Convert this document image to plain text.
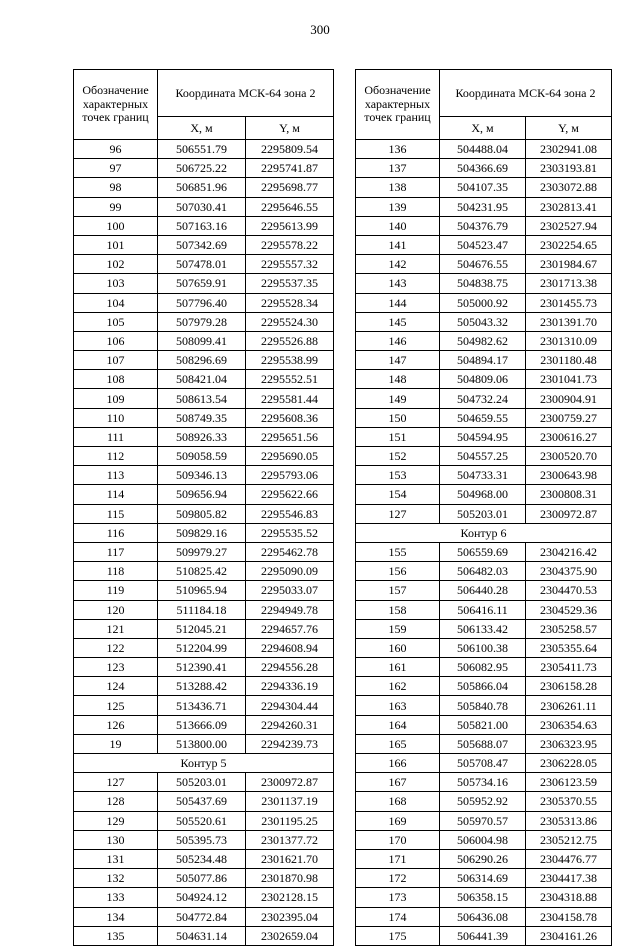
300
Обозначение характерных точек границ	Координата МСК-64 зона 2	
	X, м	Y, м
96	506551.79	2295809.54
97	506725.22	2295741.87
98	506851.96	2295698.77
99	507030.41	2295646.55
100	507163.16	2295613.99
101	507342.69	2295578.22
102	507478.01	2295557.32
103	507659.91	2295537.35
104	507796.40	2295528.34
105	507979.28	2295524.30
106	508099.41	2295526.88
107	508296.69	2295538.99
108	508421.04	2295552.51
109	508613.54	2295581.44
110	508749.35	2295608.36
111	508926.33	2295651.56
112	509058.59	2295690.05
113	509346.13	2295793.06
114	509656.94	2295622.66
115	509805.82	2295546.83
116	509829.16	2295535.52
117	509979.27	2295462.78
118	510825.42	2295090.09
119	510965.94	2295033.07
120	511184.18	2294949.78
121	512045.21	2294657.76
122	512204.99	2294608.94
123	512390.41	2294556.28
124	513288.42	2294336.19
125	513436.71	2294304.44
126	513666.09	2294260.31
19	513800.00	2294239.73
Контур 5		
127	505203.01	2300972.87
128	505437.69	2301137.19
129	505520.61	2301195.25
130	505395.73	2301377.72
131	505234.48	2301621.70
132	505077.86	2301870.98
133	504924.12	2302128.15
134	504772.84	2302395.04
135	504631.14	2302659.04
Обозначение характерных точек границ	Координата МСК-64 зона 2	
	X, м	Y, м
136	504488.04	2302941.08
137	504366.69	2303193.81
138	504107.35	2303072.88
139	504231.95	2302813.41
140	504376.79	2302527.94
141	504523.47	2302254.65
142	504676.55	2301984.67
143	504838.75	2301713.38
144	505000.92	2301455.73
145	505043.32	2301391.70
146	504982.62	2301310.09
147	504894.17	2301180.48
148	504809.06	2301041.73
149	504732.24	2300904.91
150	504659.55	2300759.27
151	504594.95	2300616.27
152	504557.25	2300520.70
153	504733.31	2300643.98
154	504968.00	2300808.31
127	505203.01	2300972.87
Контур 6		
155	506559.69	2304216.42
156	506482.03	2304375.90
157	506440.28	2304470.53
158	506416.11	2304529.36
159	506133.42	2305258.57
160	506100.38	2305355.64
161	506082.95	2305411.73
162	505866.04	2306158.28
163	505840.78	2306261.11
164	505821.00	2306354.63
165	505688.07	2306323.95
166	505708.47	2306228.05
167	505734.16	2306123.59
168	505952.92	2305370.55
169	505970.57	2305313.86
170	506004.98	2305212.75
171	506290.26	2304476.77
172	506314.69	2304417.38
173	506358.15	2304318.88
174	506436.08	2304158.78
175	506441.39	2304161.26
